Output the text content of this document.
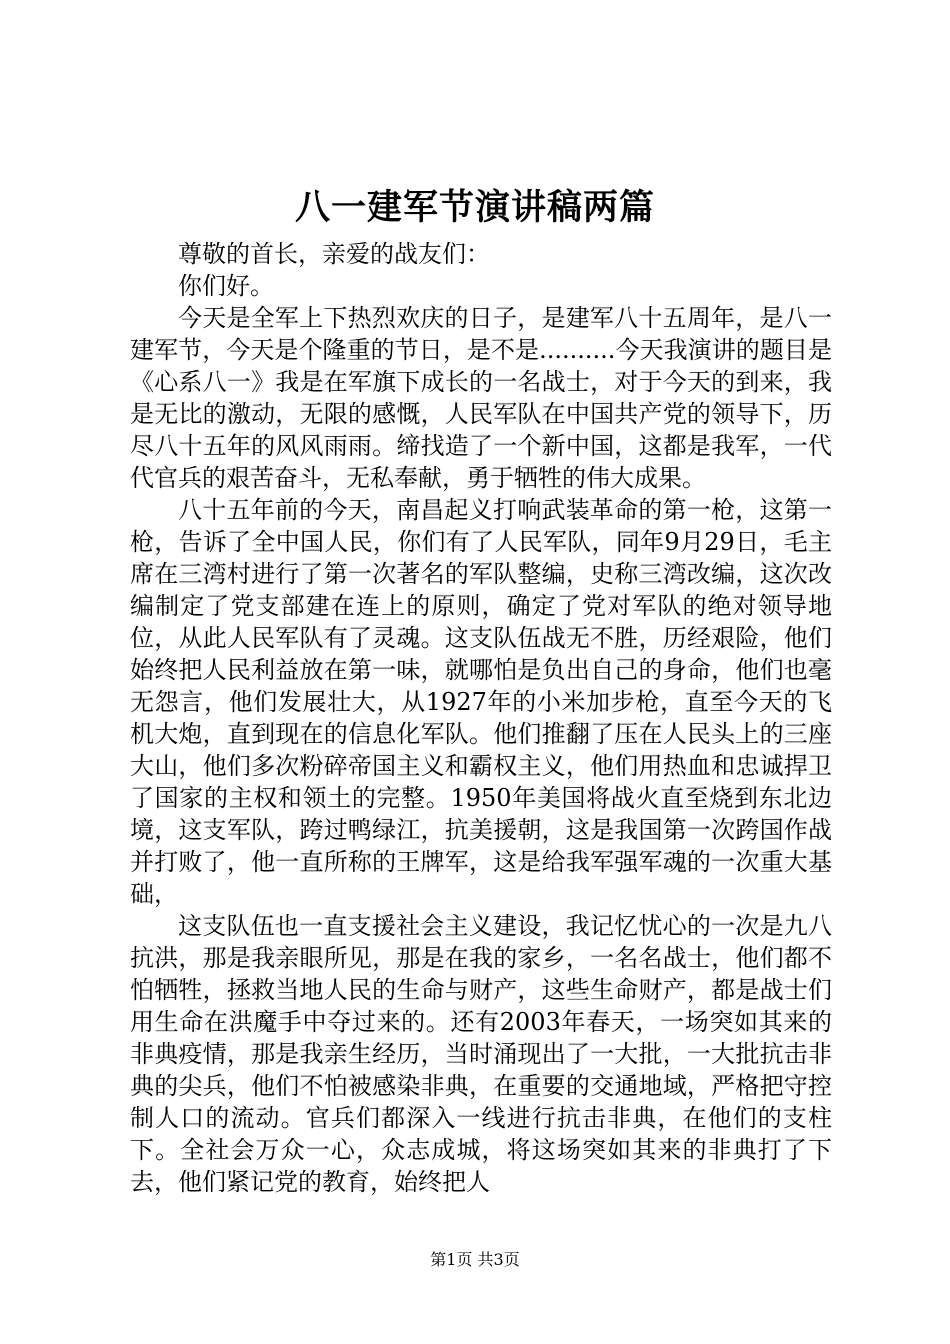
八一建军节演讲稿两篇

尊敬的首长，亲爱的战友们：

你们好。

今天是全军上下热烈欢庆的日子，是建军八十五周年，是八一建军节，今天是个隆重的节日，是不是..........今天我演讲的题目是《心系八一》我是在军旗下成长的一名战士，对于今天的到来，我是无比的激动，无限的感慨，人民军队在中国共产党的领导下，历尽八十五年的风风雨雨。缔找造了一个新中国，这都是我军，一代代官兵的艰苦奋斗，无私奉献，勇于牺牲的伟大成果。

八十五年前的今天，南昌起义打响武装革命的第一枪，这第一枪，告诉了全中国人民，你们有了人民军队，同年9月29日，毛主席在三湾村进行了第一次著名的军队整编，史称三湾改编，这次改编制定了党支部建在连上的原则，确定了党对军队的绝对领导地位，从此人民军队有了灵魂。这支队伍战无不胜，历经艰险，他们始终把人民利益放在第一味，就哪怕是负出自己的身命，他们也毫无怨言，他们发展壮大，从1927年的小米加步枪，直至今天的飞机大炮，直到现在的信息化军队。他们推翻了压在人民头上的三座大山，他们多次粉碎帝国主义和霸权主义，他们用热血和忠诚捍卫了国家的主权和领土的完整。1950年美国将战火直至烧到东北边境，这支军队，跨过鸭绿江，抗美援朝，这是我国第一次跨国作战并打败了，他一直所称的王牌军，这是给我军强军魂的一次重大基础，

这支队伍也一直支援社会主义建设，我记忆忧心的一次是九八抗洪，那是我亲眼所见，那是在我的家乡，一名名战士，他们都不怕牺牲，拯救当地人民的生命与财产，这些生命财产，都是战士们用生命在洪魔手中夺过来的。还有2003年春天，一场突如其来的非典疫情，那是我亲生经历，当时涌现出了一大批，一大批抗击非典的尖兵，他们不怕被感染非典，在重要的交通地域，严格把守控制人口的流动。官兵们都深入一线进行抗击非典，在他们的支柱下。全社会万众一心，众志成城，将这场突如其来的非典打了下去，他们紧记党的教育，始终把人

第1页 共3页
